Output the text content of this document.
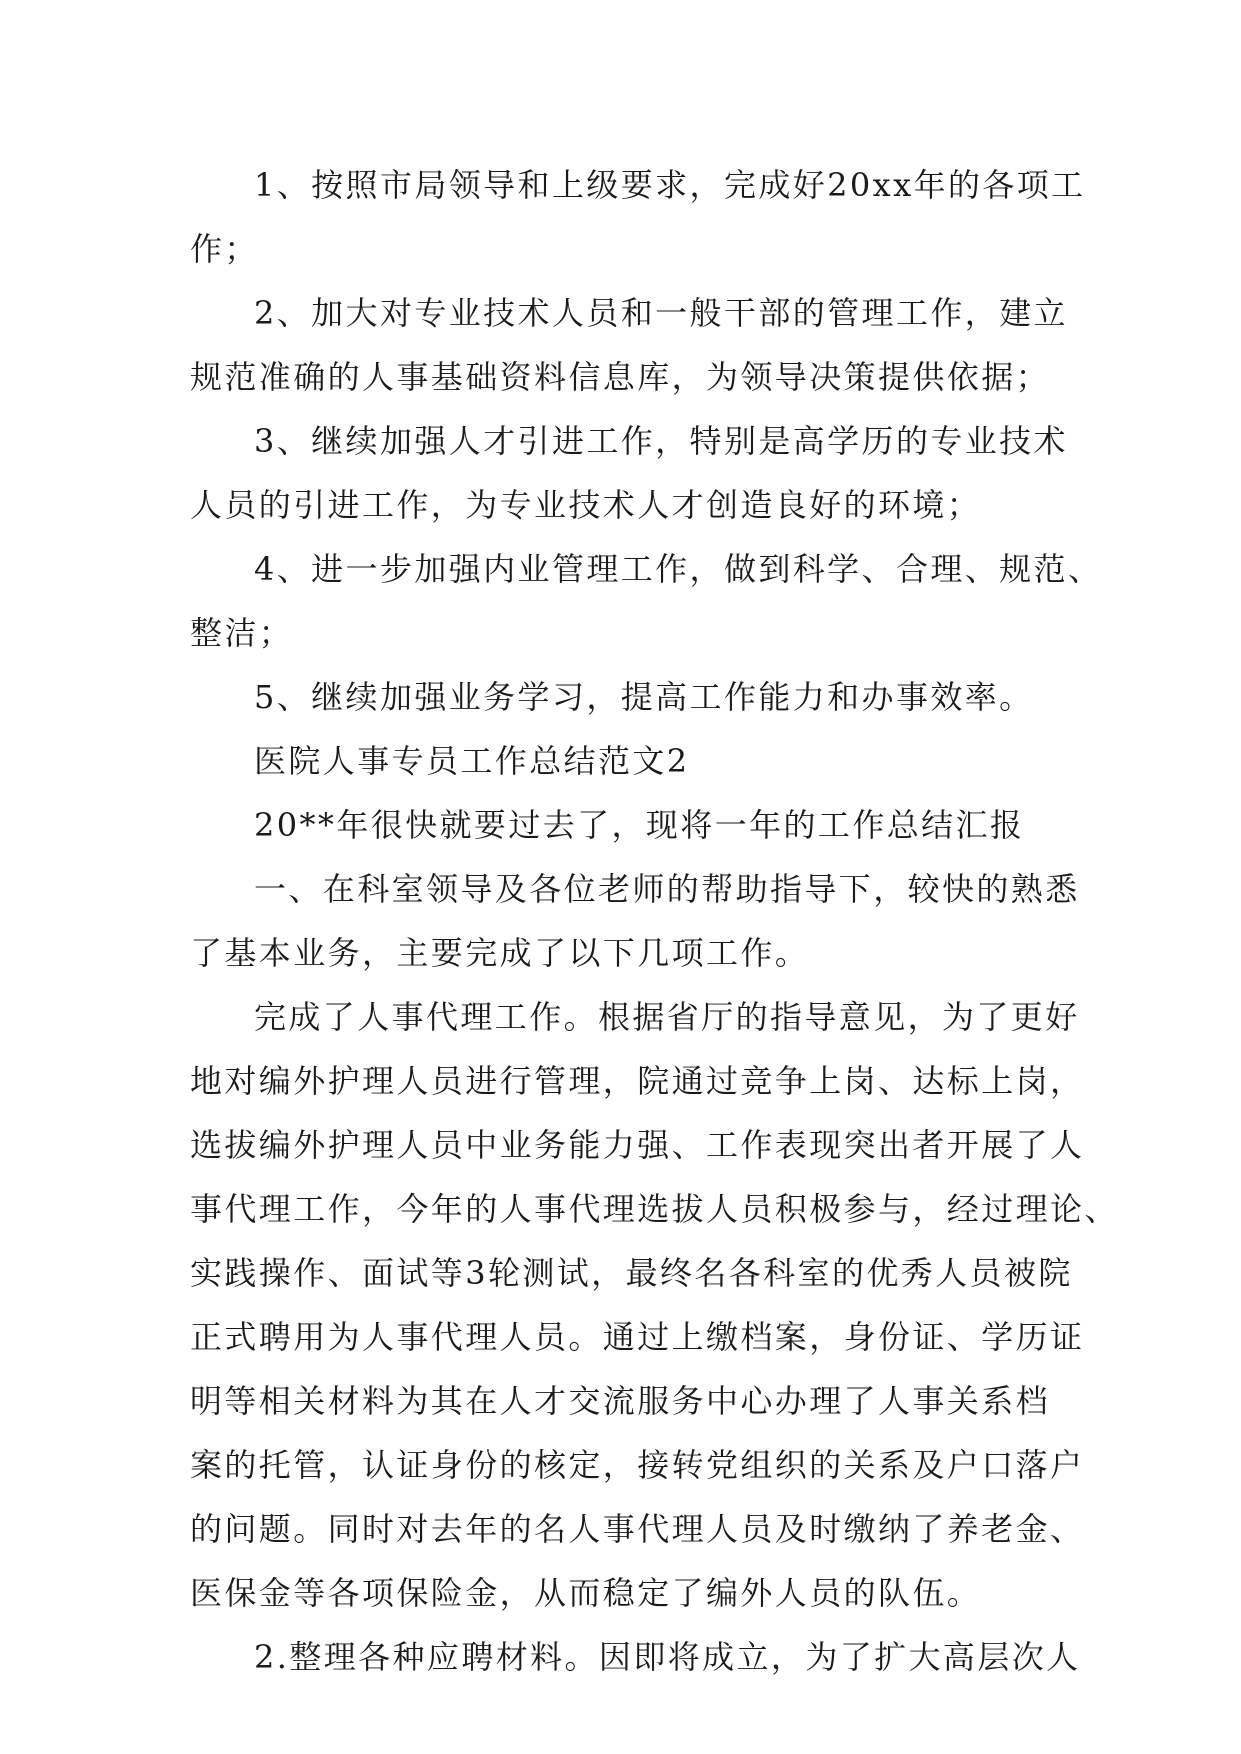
1、按照市局领导和上级要求，完成好20xx年的各项工
作；
2、加大对专业技术人员和一般干部的管理工作，建立
规范准确的人事基础资料信息库，为领导决策提供依据；
3、继续加强人才引进工作，特别是高学历的专业技术
人员的引进工作，为专业技术人才创造良好的环境；
4、进一步加强内业管理工作，做到科学、合理、规范、
整洁；
5、继续加强业务学习，提高工作能力和办事效率。
医院人事专员工作总结范文2
20**年很快就要过去了，现将一年的工作总结汇报
一、在科室领导及各位老师的帮助指导下，较快的熟悉
了基本业务，主要完成了以下几项工作。
完成了人事代理工作。根据省厅的指导意见，为了更好
地对编外护理人员进行管理，院通过竞争上岗、达标上岗，
选拔编外护理人员中业务能力强、工作表现突出者开展了人
事代理工作，今年的人事代理选拔人员积极参与，经过理论、
实践操作、面试等3轮测试，最终名各科室的优秀人员被院
正式聘用为人事代理人员。通过上缴档案，身份证、学历证
明等相关材料为其在人才交流服务中心办理了人事关系档
案的托管，认证身份的核定，接转党组织的关系及户口落户
的问题。同时对去年的名人事代理人员及时缴纳了养老金、
医保金等各项保险金，从而稳定了编外人员的队伍。
2.整理各种应聘材料。因即将成立，为了扩大高层次人
